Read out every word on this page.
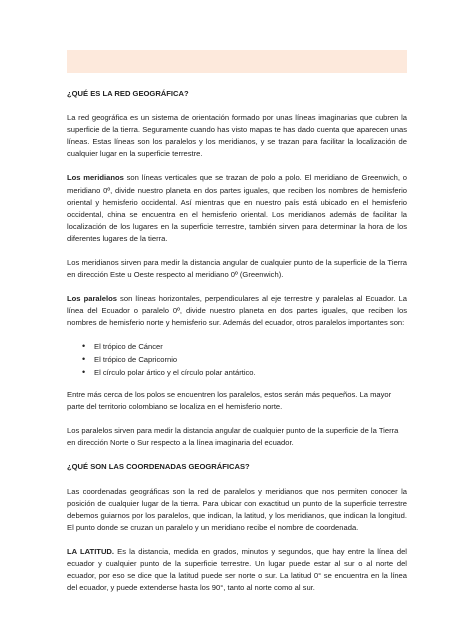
¿QUÉ ES LA RED GEOGRÁFICA?

La red geográfica es un sistema de orientación formado por unas líneas imaginarias que cubren la superficie de la tierra. Seguramente cuando has visto mapas te has dado cuenta que aparecen unas líneas. Estas líneas son los paralelos y los meridianos, y se trazan para facilitar la localización de cualquier lugar en la superficie terrestre.

Los meridianos son líneas verticales que se trazan de polo a polo. El meridiano de Greenwich, o meridiano 0º, divide nuestro planeta en dos partes iguales, que reciben los nombres de hemisferio oriental y hemisferio occidental. Así mientras que en nuestro país está ubicado en el hemisferio occidental, china se encuentra en el hemisferio oriental. Los meridianos además de facilitar la localización de los lugares en la superficie terrestre, también sirven para determinar la hora de los diferentes lugares de la tierra.

Los meridianos sirven para medir la distancia angular de cualquier punto de la superficie de la Tierra en dirección Este u Oeste respecto al meridiano 0º (Greenwich).

Los paralelos son líneas horizontales, perpendiculares al eje terrestre y paralelas al Ecuador. La línea del Ecuador o paralelo 0º, divide nuestro planeta en dos partes iguales, que reciben los nombres de hemisferio norte y hemisferio sur. Además del ecuador, otros paralelos importantes son:

• El trópico de Cáncer
• El trópico de Capricornio
• El círculo polar ártico y el círculo polar antártico.

Entre más cerca de los polos se encuentren los paralelos, estos serán más pequeños. La mayor parte del territorio colombiano se localiza en el hemisferio norte.

Los paralelos sirven para medir la distancia angular de cualquier punto de la superficie de la Tierra en dirección Norte o Sur respecto a la línea imaginaria del ecuador.

¿QUÉ SON LAS COORDENADAS GEOGRÁFICAS?

Las coordenadas geográficas son la red de paralelos y meridianos que nos permiten conocer la posición de cualquier lugar de la tierra. Para ubicar con exactitud un punto de la superficie terrestre debemos guiarnos por los paralelos, que indican, la latitud, y los meridianos, que indican la longitud. El punto donde se cruzan un paralelo y un meridiano recibe el nombre de coordenada.

LA LATITUD. Es la distancia, medida en grados, minutos y segundos, que hay entre la línea del ecuador y cualquier punto de la superficie terrestre. Un lugar puede estar al sur o al norte del ecuador, por eso se dice que la latitud puede ser norte o sur. La latitud 0° se encuentra en la línea del ecuador, y puede extenderse hasta los 90°, tanto al norte como al sur.
